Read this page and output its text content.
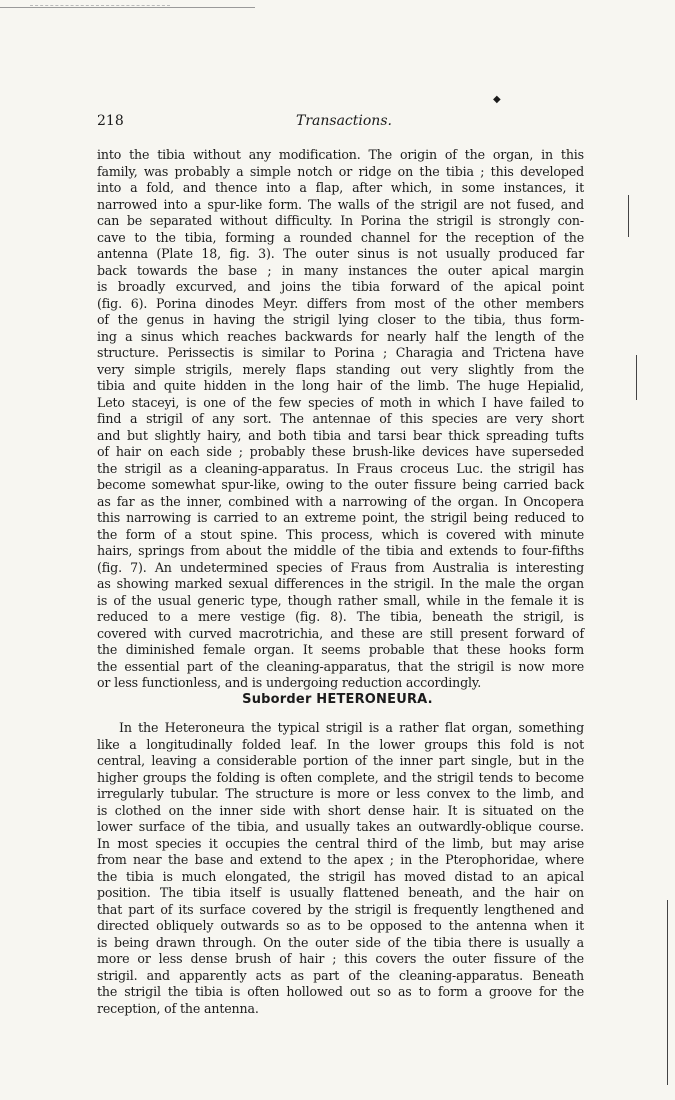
218	Transactions.
◆
into the tibia without any modification. The origin of the organ, in this
family, was probably a simple notch or ridge on the tibia ; this developed
into a fold, and thence into a flap, after which, in some instances, it
narrowed into a spur-like form. The walls of the strigil are not fused, and
can be separated without difficulty. In Porina the strigil is strongly con-
cave to the tibia, forming a rounded channel for the reception of the
antenna (Plate 18, fig. 3). The outer sinus is not usually produced far
back towards the base ; in many instances the outer apical margin
is broadly excurved, and joins the tibia forward of the apical point
(fig. 6). Porina dinodes Meyr. differs from most of the other members
of the genus in having the strigil lying closer to the tibia, thus form-
ing a sinus which reaches backwards for nearly half the length of the
structure. Perissectis is similar to Porina ; Charagia and Trictena have
very simple strigils, merely flaps standing out very slightly from the
tibia and quite hidden in the long hair of the limb. The huge Hepialid,
Leto staceyi, is one of the few species of moth in which I have failed to
find a strigil of any sort. The antennae of this species are very short
and but slightly hairy, and both tibia and tarsi bear thick spreading tufts
of hair on each side ; probably these brush-like devices have superseded
the strigil as a cleaning-apparatus. In Fraus croceus Luc. the strigil has
become somewhat spur-like, owing to the outer fissure being carried back
as far as the inner, combined with a narrowing of the organ. In Oncopera
this narrowing is carried to an extreme point, the strigil being reduced to
the form of a stout spine. This process, which is covered with minute
hairs, springs from about the middle of the tibia and extends to four-fifths
(fig. 7). An undetermined species of Fraus from Australia is interesting
as showing marked sexual differences in the strigil. In the male the organ
is of the usual generic type, though rather small, while in the female it is
reduced to a mere vestige (fig. 8). The tibia, beneath the strigil, is
covered with curved macrotrichia, and these are still present forward of
the diminished female organ. It seems probable that these hooks form
the essential part of the cleaning-apparatus, that the strigil is now more
or less functionless, and is undergoing reduction accordingly.
Suborder HETERONEURA.
In the Heteroneura the typical strigil is a rather flat organ, something
like a longitudinally folded leaf. In the lower groups this fold is not
central, leaving a considerable portion of the inner part single, but in the
higher groups the folding is often complete, and the strigil tends to become
irregularly tubular. The structure is more or less convex to the limb, and
is clothed on the inner side with short dense hair. It is situated on the
lower surface of the tibia, and usually takes an outwardly-oblique course.
In most species it occupies the central third of the limb, but may arise
from near the base and extend to the apex ; in the Pterophoridae, where
the tibia is much elongated, the strigil has moved distad to an apical
position. The tibia itself is usually flattened beneath, and the hair on
that part of its surface covered by the strigil is frequently lengthened and
directed obliquely outwards so as to be opposed to the antenna when it
is being drawn through. On the outer side of the tibia there is usually a
more or less dense brush of hair ; this covers the outer fissure of the
strigil. and apparently acts as part of the cleaning-apparatus. Beneath
the strigil the tibia is often hollowed out so as to form a groove for the
reception, of the antenna.
